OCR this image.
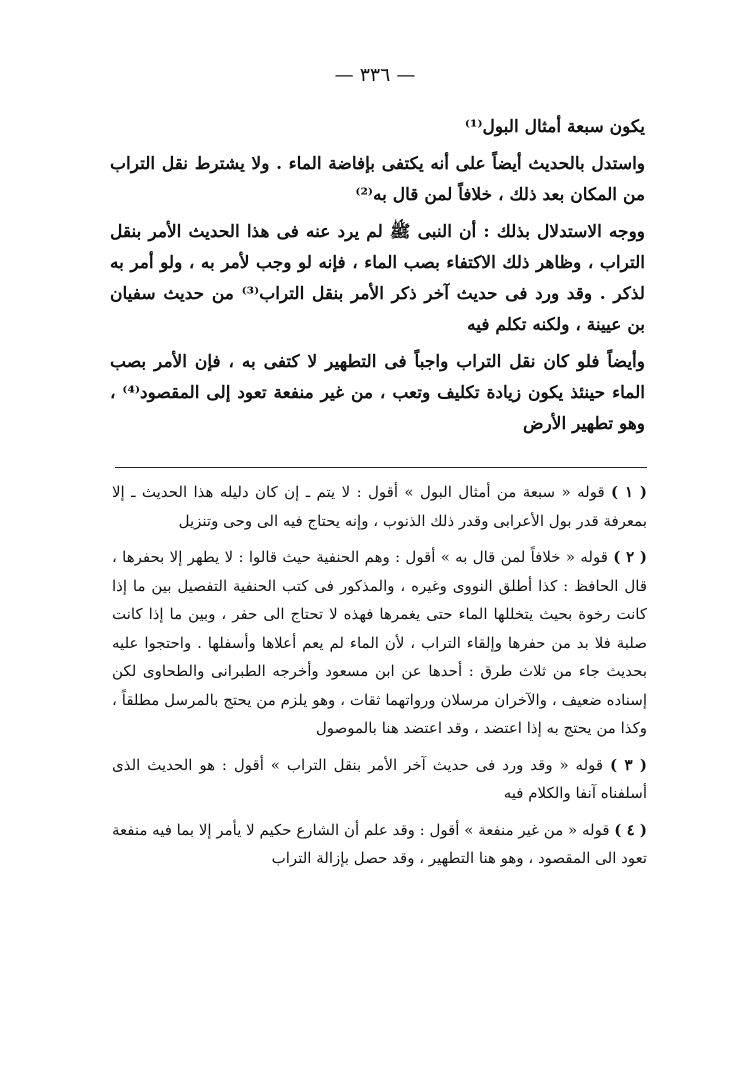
— ٣٣٦ —

يكون سبعة أمثال البول⁽¹⁾

واستدل بالحديث أيضاً على أنه يكتفى بإفاضة الماء . ولا يشترط نقل التراب من المكان بعد ذلك ، خلافاً لمن قال به⁽²⁾

ووجه الاستدلال بذلك : أن النبى ﷺ لم يرد عنه فى هذا الحديث الأمر بنقل التراب ، وظاهر ذلك الاكتفاء بصب الماء ، فإنه لو وجب لأمر به ، ولو أمر به لذكر . وقد ورد فى حديث آخر ذكر الأمر بنقل التراب⁽³⁾ من حديث سفيان بن عيينة ، ولكنه تكلم فيه

وأيضاً فلو كان نقل التراب واجباً فى التطهير لا كتفى به ، فإن الأمر بصب الماء حينئذ يكون زيادة تكليف وتعب ، من غير منفعة تعود إلى المقصود⁽⁴⁾ ، وهو تطهير الأرض

( ١ ) قوله « سبعة من أمثال البول » أقول : لا يتم ـ إن كان دليله هذا الحديث ـ إلا بمعرفة قدر بول الأعرابى وقدر ذلك الذنوب ، وإنه يحتاج فيه الى وحى وتنزيل

( ٢ ) قوله « خلافاً لمن قال به » أقول : وهم الحنفية حيث قالوا : لا يطهر إلا بحفرها ، قال الحافظ : كذا أطلق النووى وغيره ، والمذكور فى كتب الحنفية التفصيل بين ما إذا كانت رخوة بحيث يتخللها الماء حتى يغمرها فهذه لا تحتاج الى حفر ، وبين ما إذا كانت صلبة فلا بد من حفرها وإلقاء التراب ، لأن الماء لم يعم أعلاها وأسفلها . واحتجوا عليه بحديث جاء من ثلاث طرق : أحدها عن ابن مسعود وأخرجه الطبرانى والطحاوى لكن إسناده ضعيف ، والآخران مرسلان ورواتهما ثقات ، وهو يلزم من يحتج بالمرسل مطلقاً ، وكذا من يحتج به إذا اعتضد ، وقد اعتضد هنا بالموصول

( ٣ ) قوله « وقد ورد فى حديث آخر الأمر بنقل التراب » أقول : هو الحديث الذى أسلفناه آنفا والكلام فيه

( ٤ ) قوله « من غير منفعة » أقول : وقد علم أن الشارع حكيم لا يأمر إلا بما فيه منفعة تعود الى المقصود ، وهو هنا التطهير ، وقد حصل بإزالة التراب
